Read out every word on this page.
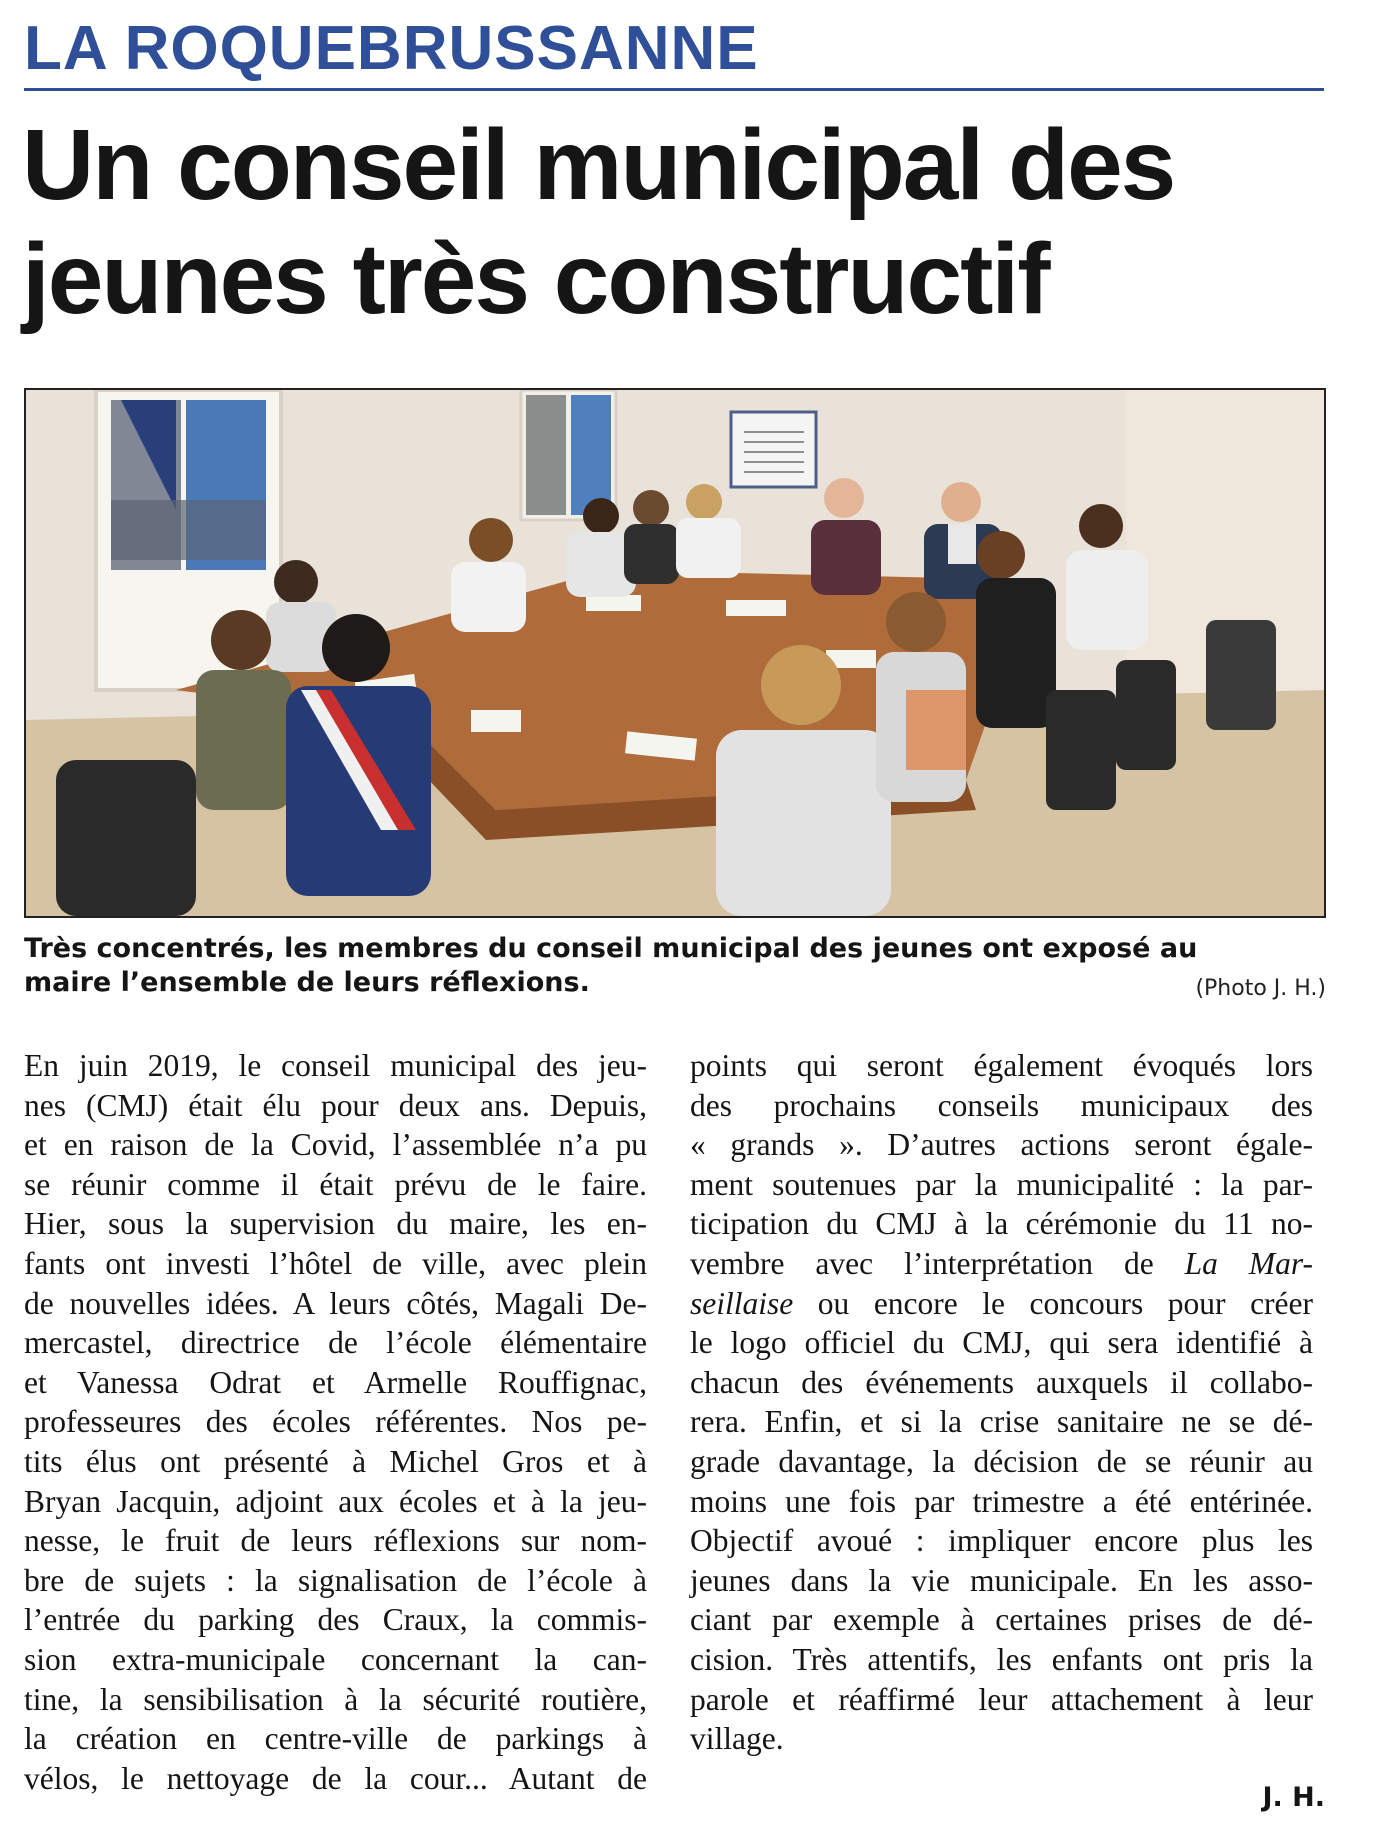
LA ROQUEBRUSSANNE
Un conseil municipal des
jeunes très constructif
Très concentrés, les membres du conseil municipal des jeunes ont exposé au
maire l’ensemble de leurs réflexions.	(Photo J. H.)
En juin 2019, le conseil municipal des jeu-
nes (CMJ) était élu pour deux ans. Depuis,
et en raison de la Covid, l’assemblée n’a pu
se réunir comme il était prévu de le faire.
Hier, sous la supervision du maire, les en-
fants ont investi l’hôtel de ville, avec plein
de nouvelles idées. A leurs côtés, Magali De-
mercastel, directrice de l’école élémentaire
et Vanessa Odrat et Armelle Rouffignac,
professeures des écoles référentes. Nos pe-
tits élus ont présenté à Michel Gros et à
Bryan Jacquin, adjoint aux écoles et à la jeu-
nesse, le fruit de leurs réflexions sur nom-
bre de sujets : la signalisation de l’école à
l’entrée du parking des Craux, la commis-
sion extra-municipale concernant la can-
tine, la sensibilisation à la sécurité routière,
la création en centre-ville de parkings à
vélos, le nettoyage de la cour... Autant de
points qui seront également évoqués lors
des prochains conseils municipaux des
« grands ». D’autres actions seront égale-
ment soutenues par la municipalité : la par-
ticipation du CMJ à la cérémonie du 11 no-
vembre avec l’interprétation de La Mar-
seillaise ou encore le concours pour créer
le logo officiel du CMJ, qui sera identifié à
chacun des événements auxquels il collabo-
rera. Enfin, et si la crise sanitaire ne se dé-
grade davantage, la décision de se réunir au
moins une fois par trimestre a été entérinée.
Objectif avoué : impliquer encore plus les
jeunes dans la vie municipale. En les asso-
ciant par exemple à certaines prises de dé-
cision. Très attentifs, les enfants ont pris la
parole et réaffirmé leur attachement à leur
village.
J. H.
